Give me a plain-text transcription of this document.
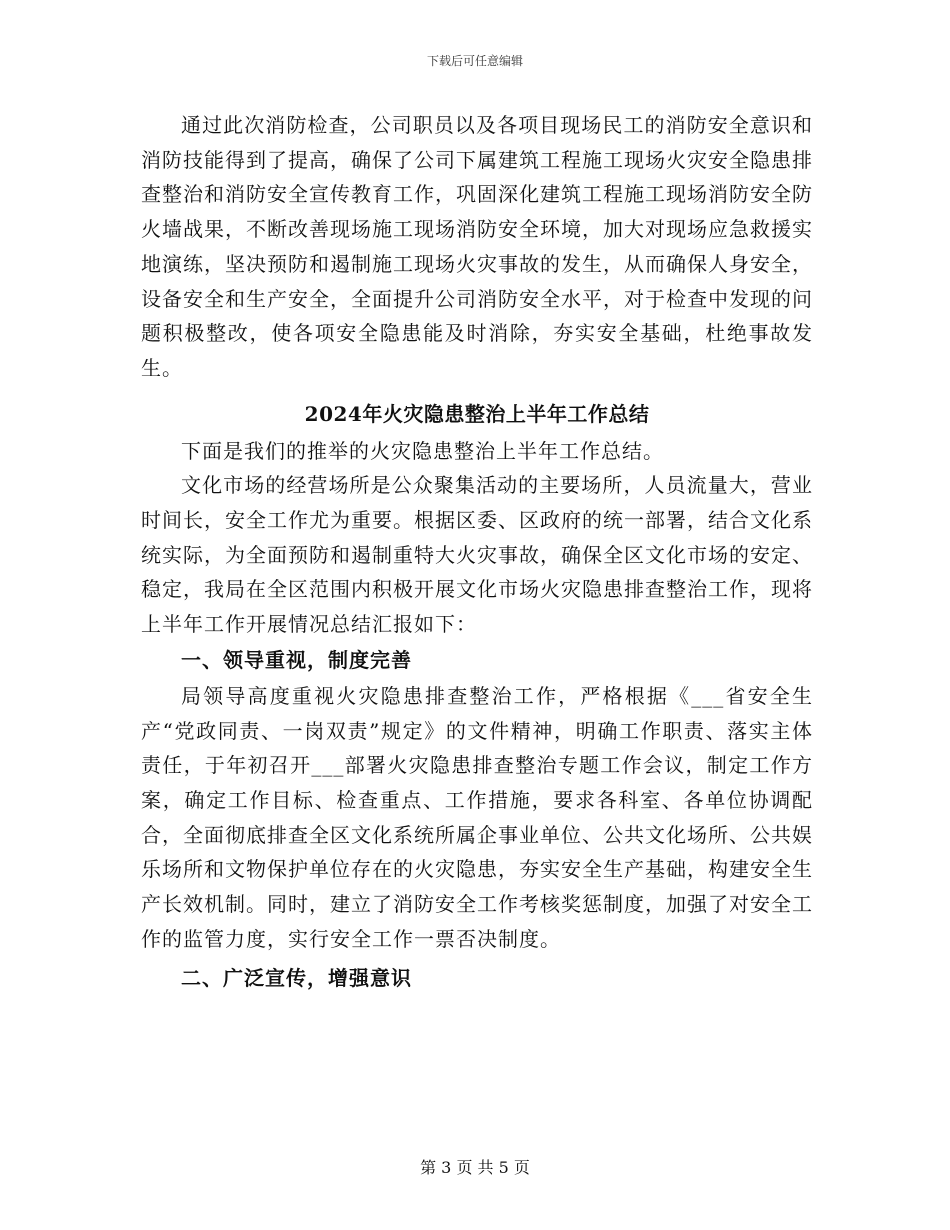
下载后可任意编辑

通过此次消防检查，公司职员以及各项目现场民工的消防安全意识和消防技能得到了提高，确保了公司下属建筑工程施工现场火灾安全隐患排查整治和消防安全宣传教育工作，巩固深化建筑工程施工现场消防安全防火墙战果，不断改善现场施工现场消防安全环境，加大对现场应急救援实地演练，坚决预防和遏制施工现场火灾事故的发生，从而确保人身安全，设备安全和生产安全，全面提升公司消防安全水平，对于检查中发现的问题积极整改，使各项安全隐患能及时消除，夯实安全基础，杜绝事故发生。

2024年火灾隐患整治上半年工作总结

下面是我们的推举的火灾隐患整治上半年工作总结。

文化市场的经营场所是公众聚集活动的主要场所，人员流量大，营业时间长，安全工作尤为重要。根据区委、区政府的统一部署，结合文化系统实际，为全面预防和遏制重特大火灾事故，确保全区文化市场的安定、稳定，我局在全区范围内积极开展文化市场火灾隐患排查整治工作，现将上半年工作开展情况总结汇报如下：

一、领导重视，制度完善

局领导高度重视火灾隐患排查整治工作，严格根据《___省安全生产“党政同责、一岗双责”规定》的文件精神，明确工作职责、落实主体责任，于年初召开___部署火灾隐患排查整治专题工作会议，制定工作方案，确定工作目标、检查重点、工作措施，要求各科室、各单位协调配合，全面彻底排查全区文化系统所属企事业单位、公共文化场所、公共娱乐场所和文物保护单位存在的火灾隐患，夯实安全生产基础，构建安全生产长效机制。同时，建立了消防安全工作考核奖惩制度，加强了对安全工作的监管力度，实行安全工作一票否决制度。

二、广泛宣传，增强意识
第 3 页 共 5 页
